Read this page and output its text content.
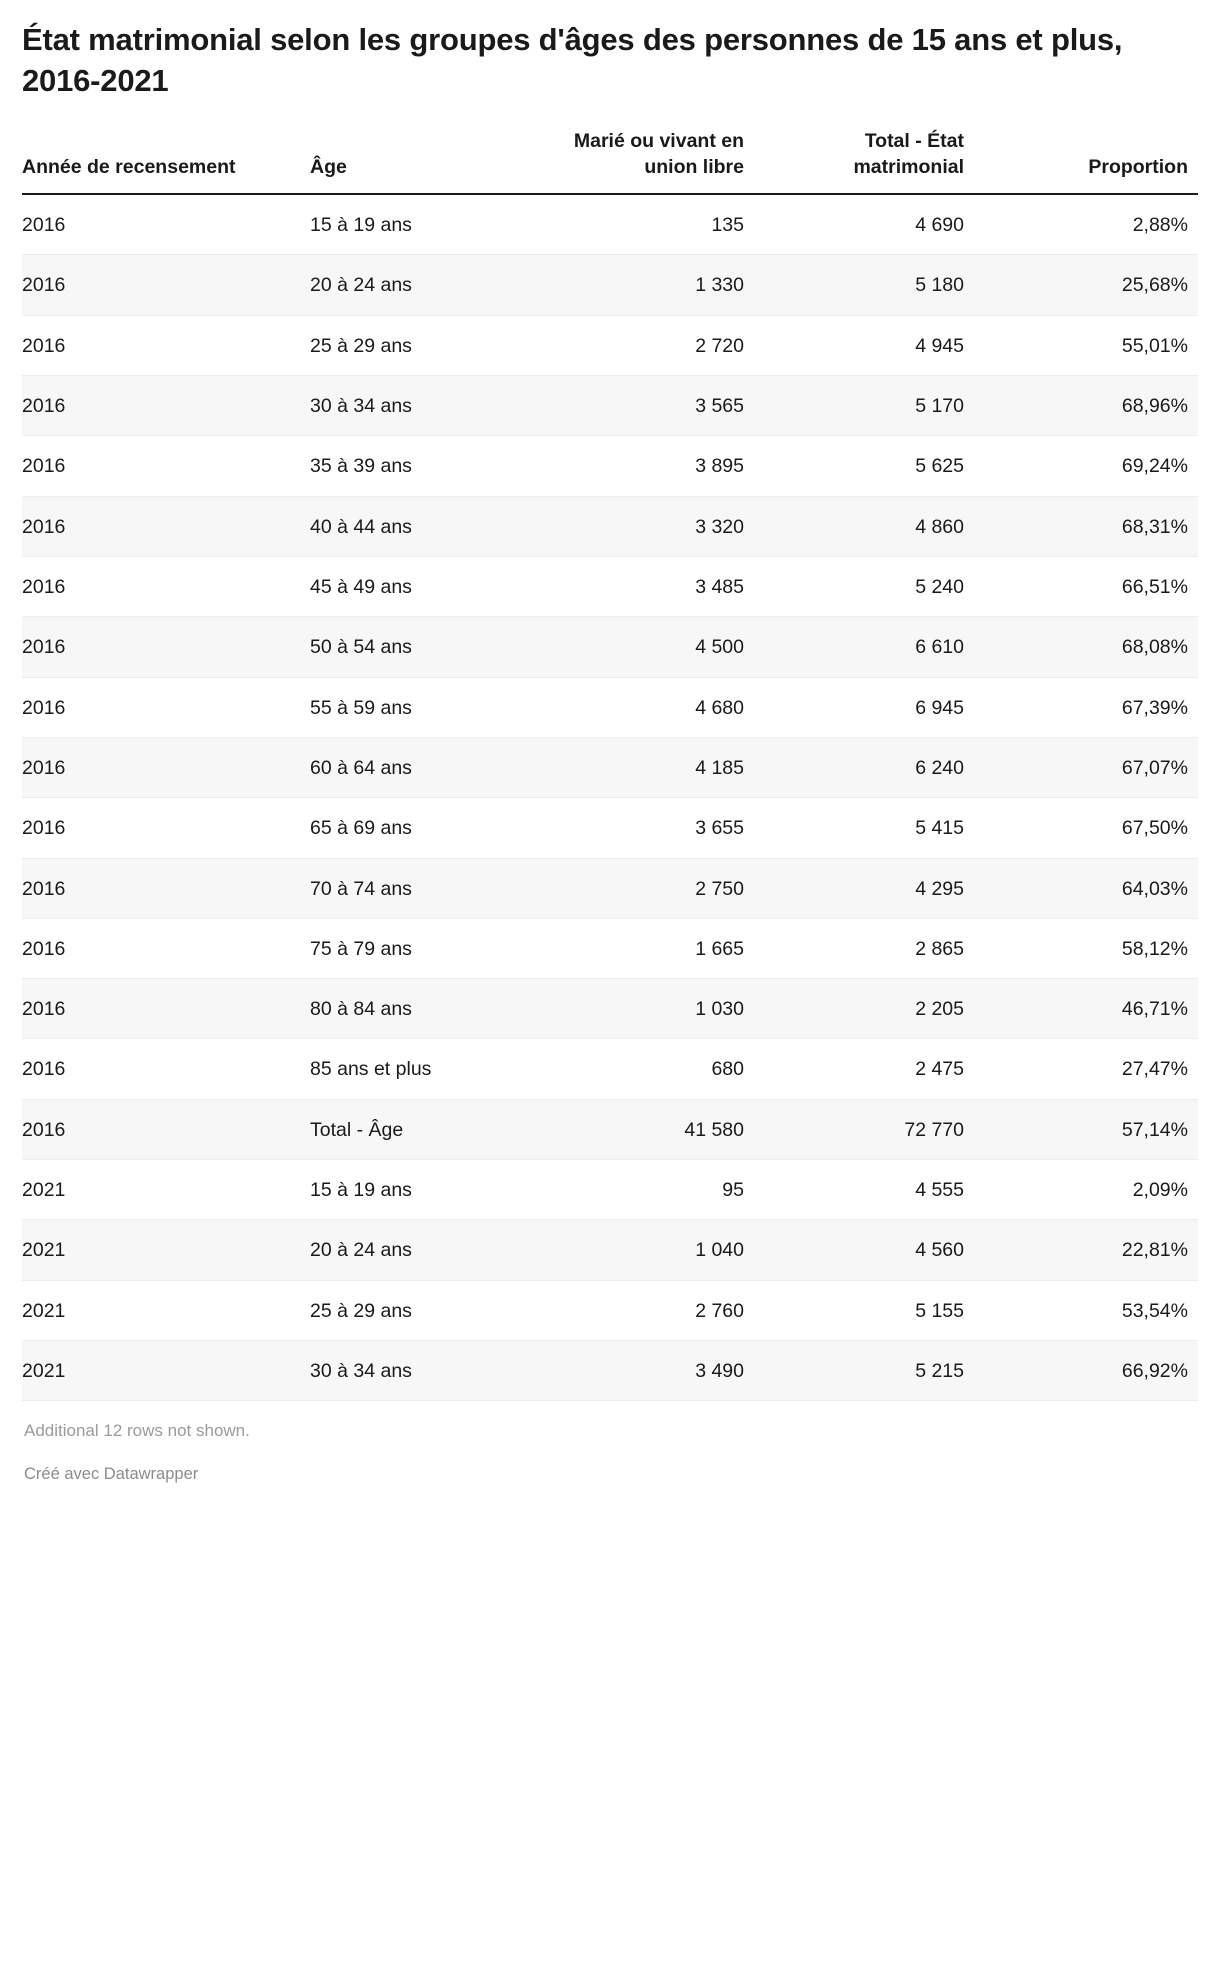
État matrimonial selon les groupes d'âges des personnes de 15 ans et plus, 2016-2021
Année de recensement	Âge	Marié ou vivant en union libre	Total - État matrimonial	Proportion
2016	15 à 19 ans	135	4 690	2,88%
2016	20 à 24 ans	1 330	5 180	25,68%
2016	25 à 29 ans	2 720	4 945	55,01%
2016	30 à 34 ans	3 565	5 170	68,96%
2016	35 à 39 ans	3 895	5 625	69,24%
2016	40 à 44 ans	3 320	4 860	68,31%
2016	45 à 49 ans	3 485	5 240	66,51%
2016	50 à 54 ans	4 500	6 610	68,08%
2016	55 à 59 ans	4 680	6 945	67,39%
2016	60 à 64 ans	4 185	6 240	67,07%
2016	65 à 69 ans	3 655	5 415	67,50%
2016	70 à 74 ans	2 750	4 295	64,03%
2016	75 à 79 ans	1 665	2 865	58,12%
2016	80 à 84 ans	1 030	2 205	46,71%
2016	85 ans et plus	680	2 475	27,47%
2016	Total - Âge	41 580	72 770	57,14%
2021	15 à 19 ans	95	4 555	2,09%
2021	20 à 24 ans	1 040	4 560	22,81%
2021	25 à 29 ans	2 760	5 155	53,54%
2021	30 à 34 ans	3 490	5 215	66,92%
Additional 12 rows not shown.
Créé avec Datawrapper
